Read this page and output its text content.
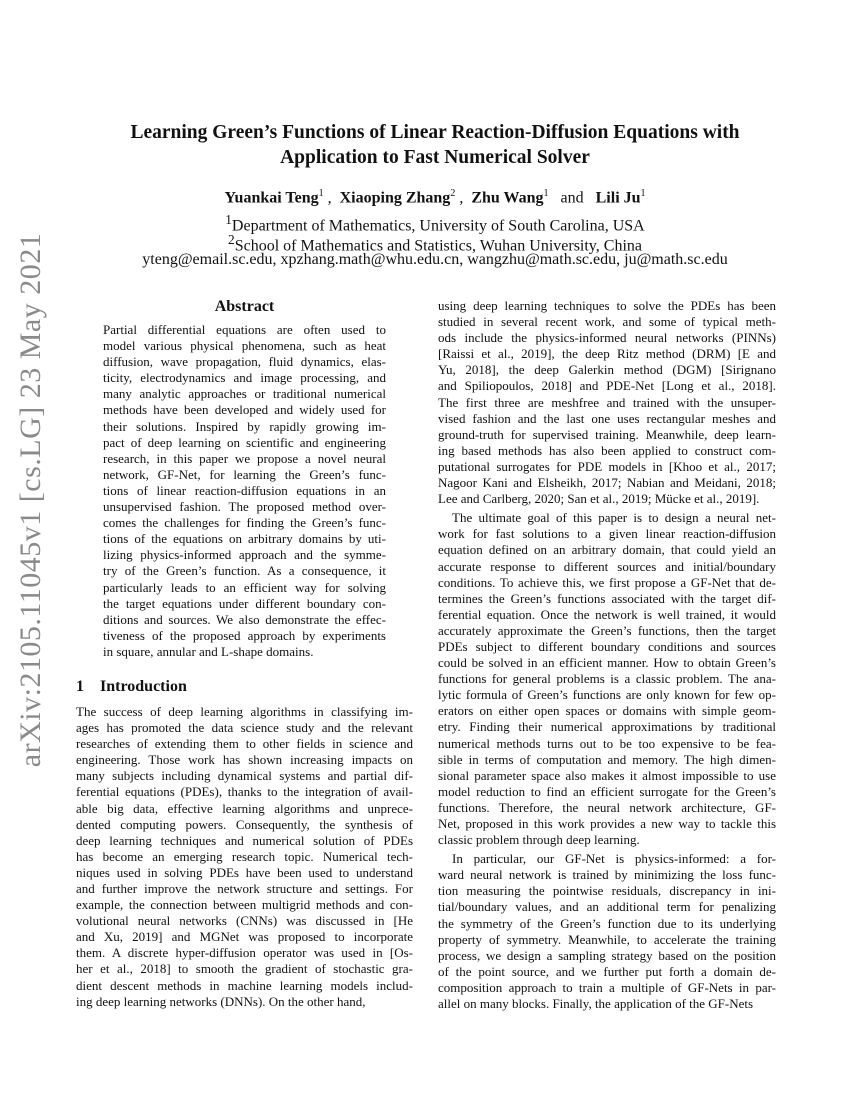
arXiv:2105.11045v1 [cs.LG] 23 May 2021
Learning Green’s Functions of Linear Reaction-Diffusion Equations with
Application to Fast Numerical Solver
Yuankai Teng$^1$ , Xiaoping Zhang$^2$ , Zhu Wang$^1$ and Lili Ju$^1$
$^1$Department of Mathematics, University of South Carolina, USA
$^2$School of Mathematics and Statistics, Wuhan University, China
yteng@email.sc.edu, xpzhang.math@whu.edu.cn, wangzhu@math.sc.edu, ju@math.sc.edu
Abstract
Partial differential equations are often used to
model various physical phenomena, such as heat
diffusion, wave propagation, fluid dynamics, elas-
ticity, electrodynamics and image processing, and
many analytic approaches or traditional numerical
methods have been developed and widely used for
their solutions. Inspired by rapidly growing im-
pact of deep learning on scientific and engineering
research, in this paper we propose a novel neural
network, GF-Net, for learning the Green’s func-
tions of linear reaction-diffusion equations in an
unsupervised fashion. The proposed method over-
comes the challenges for finding the Green’s func-
tions of the equations on arbitrary domains by uti-
lizing physics-informed approach and the symme-
try of the Green’s function. As a consequence, it
particularly leads to an efficient way for solving
the target equations under different boundary con-
ditions and sources. We also demonstrate the effec-
tiveness of the proposed approach by experiments
in square, annular and L-shape domains.
1 Introduction
The success of deep learning algorithms in classifying im-
ages has promoted the data science study and the relevant
researches of extending them to other fields in science and
engineering. Those work has shown increasing impacts on
many subjects including dynamical systems and partial dif-
ferential equations (PDEs), thanks to the integration of avail-
able big data, effective learning algorithms and unprece-
dented computing powers. Consequently, the synthesis of
deep learning techniques and numerical solution of PDEs
has become an emerging research topic. Numerical tech-
niques used in solving PDEs have been used to understand
and further improve the network structure and settings. For
example, the connection between multigrid methods and con-
volutional neural networks (CNNs) was discussed in [He
and Xu, 2019] and MGNet was proposed to incorporate
them. A discrete hyper-diffusion operator was used in [Os-
her et al., 2018] to smooth the gradient of stochastic gra-
dient descent methods in machine learning models includ-
ing deep learning networks (DNNs). On the other hand,
using deep learning techniques to solve the PDEs has been
studied in several recent work, and some of typical meth-
ods include the physics-informed neural networks (PINNs)
[Raissi et al., 2019], the deep Ritz method (DRM) [E and
Yu, 2018], the deep Galerkin method (DGM) [Sirignano
and Spiliopoulos, 2018] and PDE-Net [Long et al., 2018].
The first three are meshfree and trained with the unsuper-
vised fashion and the last one uses rectangular meshes and
ground-truth for supervised training. Meanwhile, deep learn-
ing based methods has also been applied to construct com-
putational surrogates for PDE models in [Khoo et al., 2017;
Nagoor Kani and Elsheikh, 2017; Nabian and Meidani, 2018;
Lee and Carlberg, 2020; San et al., 2019; Mücke et al., 2019].
The ultimate goal of this paper is to design a neural net-
work for fast solutions to a given linear reaction-diffusion
equation defined on an arbitrary domain, that could yield an
accurate response to different sources and initial/boundary
conditions. To achieve this, we first propose a GF-Net that de-
termines the Green’s functions associated with the target dif-
ferential equation. Once the network is well trained, it would
accurately approximate the Green’s functions, then the target
PDEs subject to different boundary conditions and sources
could be solved in an efficient manner. How to obtain Green’s
functions for general problems is a classic problem. The ana-
lytic formula of Green’s functions are only known for few op-
erators on either open spaces or domains with simple geom-
etry. Finding their numerical approximations by traditional
numerical methods turns out to be too expensive to be fea-
sible in terms of computation and memory. The high dimen-
sional parameter space also makes it almost impossible to use
model reduction to find an efficient surrogate for the Green’s
functions. Therefore, the neural network architecture, GF-
Net, proposed in this work provides a new way to tackle this
classic problem through deep learning.
In particular, our GF-Net is physics-informed: a for-
ward neural network is trained by minimizing the loss func-
tion measuring the pointwise residuals, discrepancy in ini-
tial/boundary values, and an additional term for penalizing
the symmetry of the Green’s function due to its underlying
property of symmetry. Meanwhile, to accelerate the training
process, we design a sampling strategy based on the position
of the point source, and we further put forth a domain de-
composition approach to train a multiple of GF-Nets in par-
allel on many blocks. Finally, the application of the GF-Nets
